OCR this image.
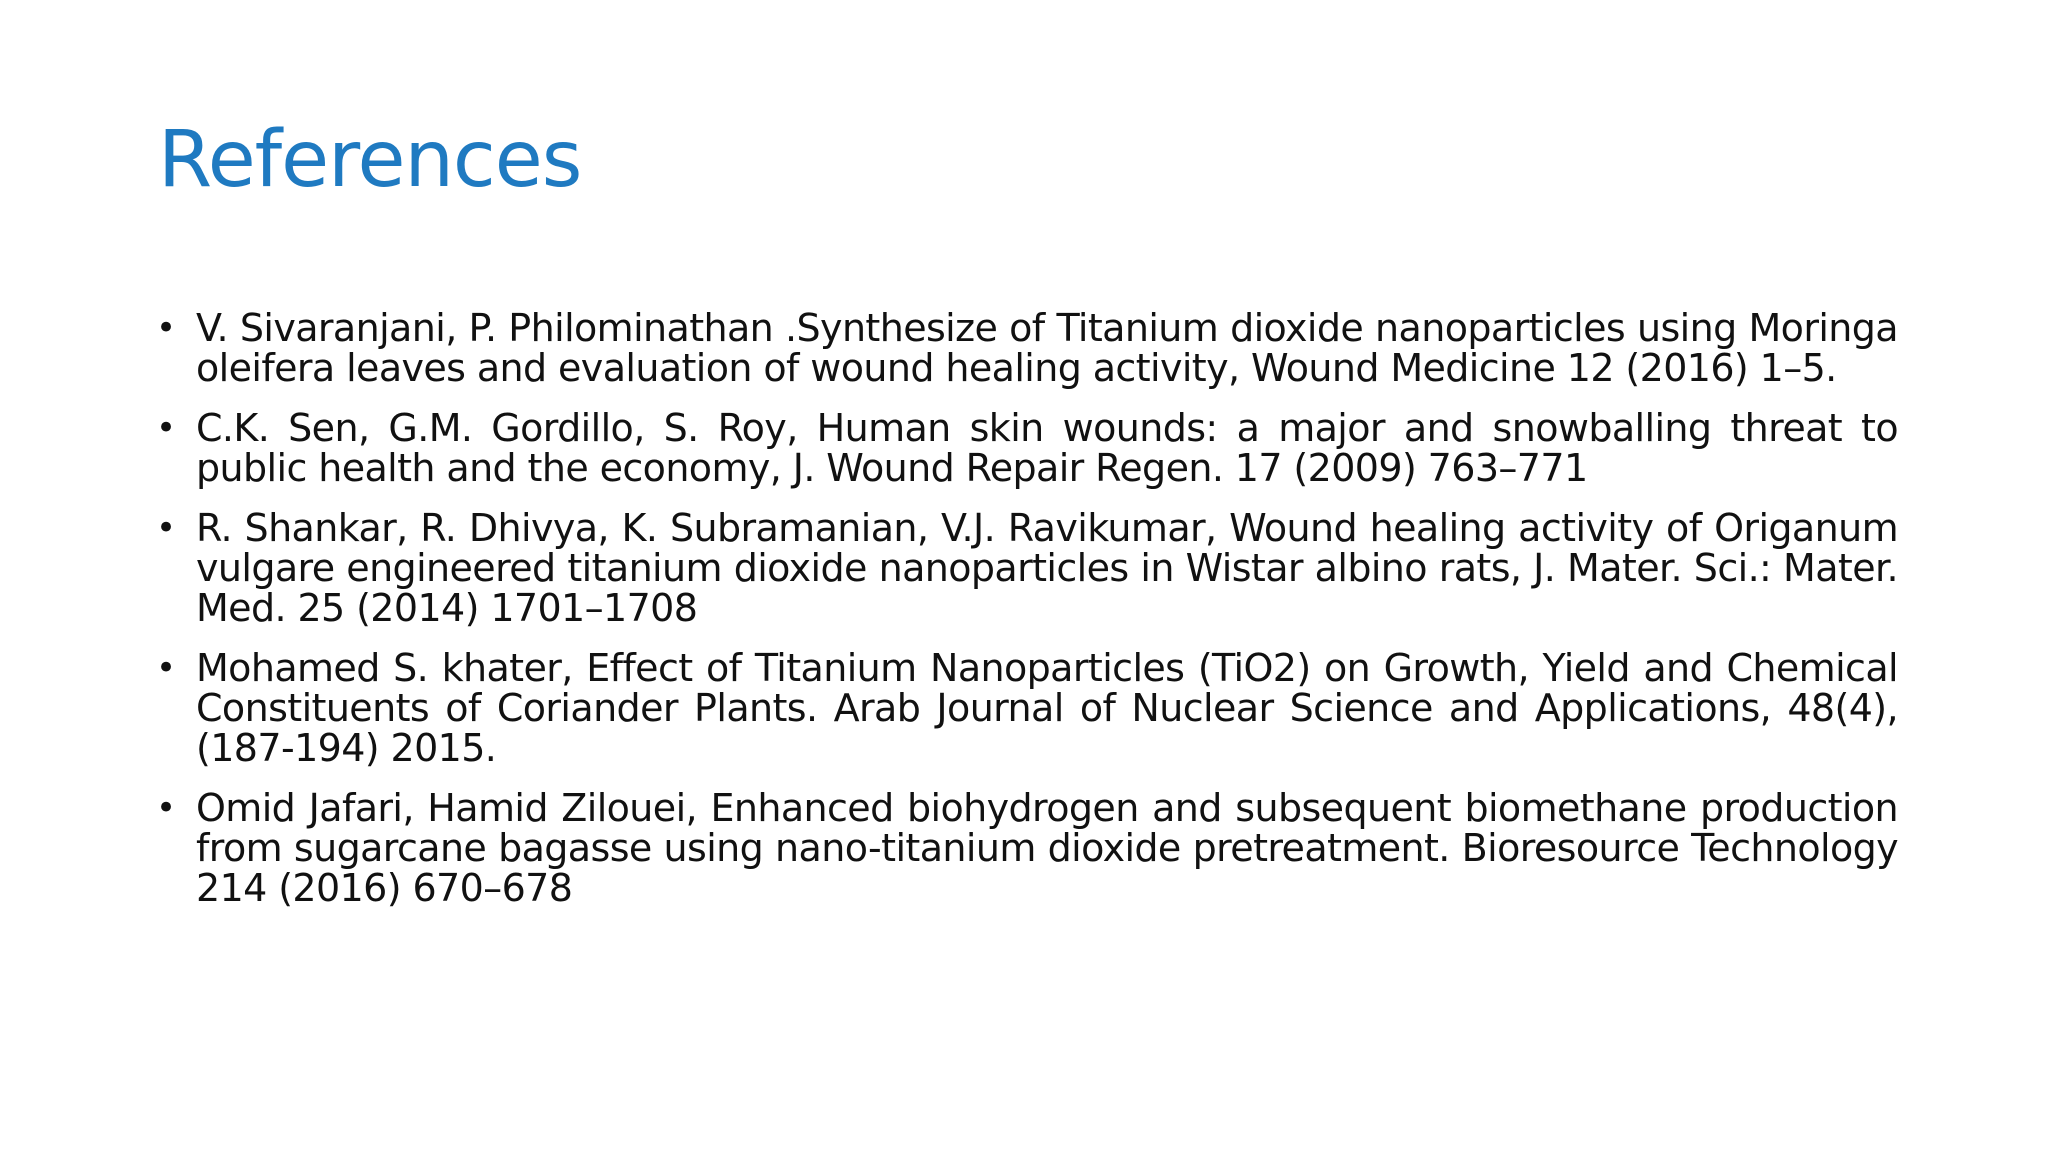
References
• V. Sivaranjani, P. Philominathan .Synthesize of Titanium dioxide nanoparticles using Moringa oleifera leaves and evaluation of wound healing activity, Wound Medicine 12 (2016) 1–5.
• C.K. Sen, G.M. Gordillo, S. Roy, Human skin wounds: a major and snowballing threat to public health and the economy, J. Wound Repair Regen. 17 (2009) 763–771
• R. Shankar, R. Dhivya, K. Subramanian, V.J. Ravikumar, Wound healing activity of Origanum vulgare engineered titanium dioxide nanoparticles in Wistar albino rats, J. Mater. Sci.: Mater. Med. 25 (2014) 1701–1708
• Mohamed S. khater, Effect of Titanium Nanoparticles (TiO2) on Growth, Yield and Chemical Constituents of Coriander Plants. Arab Journal of Nuclear Science and Applications, 48(4), (187-194) 2015.
• Omid Jafari, Hamid Zilouei, Enhanced biohydrogen and subsequent biomethane production from sugarcane bagasse using nano-titanium dioxide pretreatment. Bioresource Technology 214 (2016) 670–678
